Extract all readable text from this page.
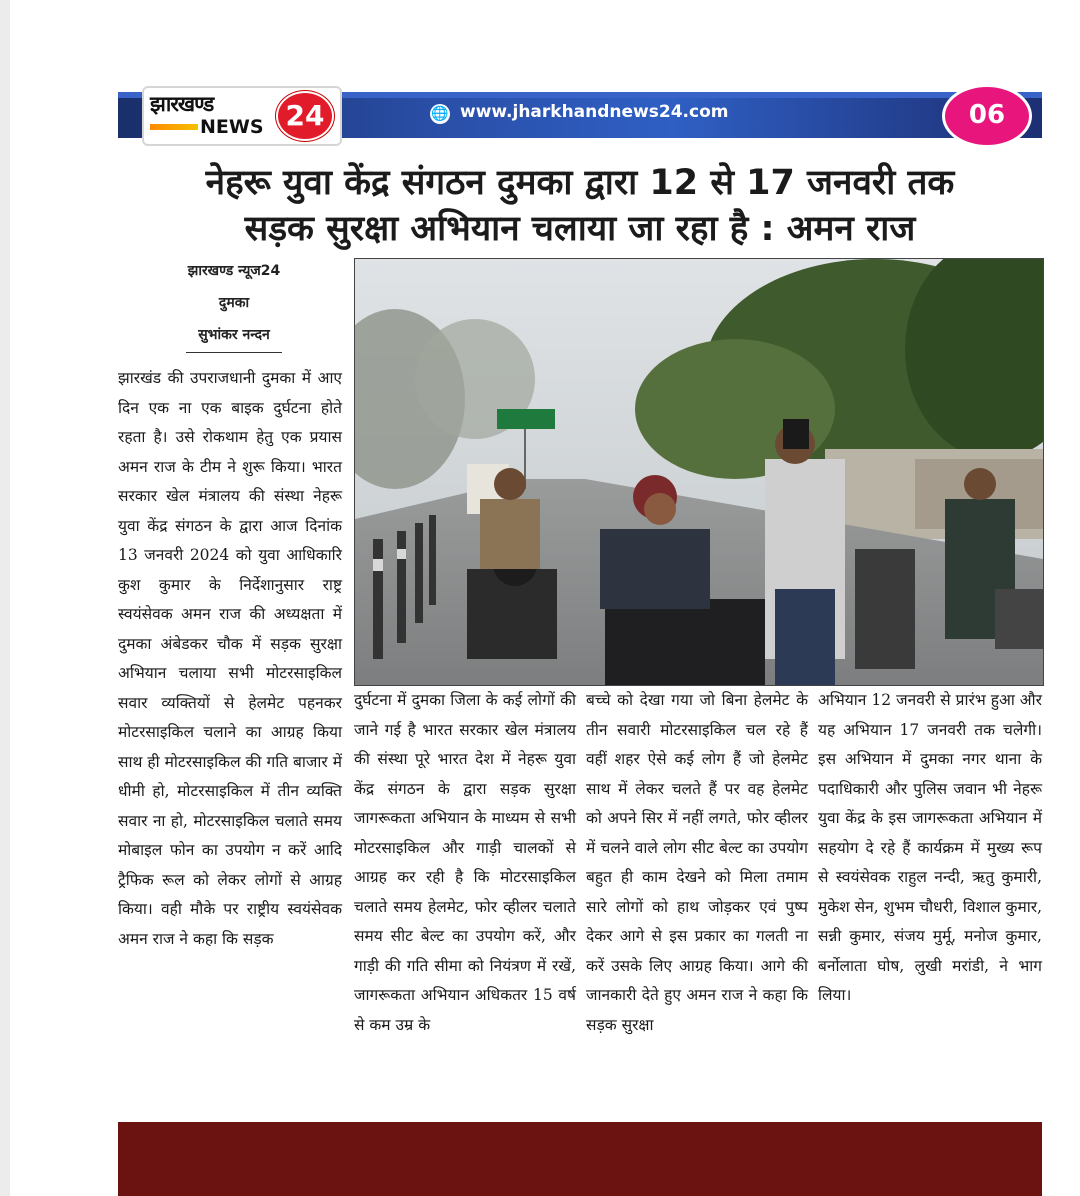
झारखण्ड
NEWS 24	🌐 www.jharkhandnews24.com	06
नेहरू युवा केंद्र संगठन दुमका द्वारा 12 से 17 जनवरी तक
सड़क सुरक्षा अभियान चलाया जा रहा है : अमन राज
झारखण्ड न्यूज24
दुमका
सुभांकर नन्दन
झारखंड की उपराजधानी दुमका में आए दिन एक ना एक बाइक दुर्घटना होते रहता है। उसे रोकथाम हेतु एक प्रयास अमन राज के टीम ने शुरू किया। भारत सरकार खेल मंत्रालय की संस्था नेहरू युवा केंद्र संगठन के द्वारा आज दिनांक 13 जनवरी 2024 को युवा आधिकारि कुश कुमार के निर्देशानुसार राष्ट्र स्वयंसेवक अमन राज की अध्यक्षता में दुमका अंबेडकर चौक में सड़क सुरक्षा अभियान चलाया सभी मोटरसाइकिल सवार व्यक्तियों से हेलमेट पहनकर मोटरसाइकिल चलाने का आग्रह किया साथ ही मोटरसाइकिल की गति बाजार में धीमी हो, मोटरसाइकिल में तीन व्यक्ति सवार ना हो, मोटरसाइकिल चलाते समय मोबाइल फोन का उपयोग न करें आदि ट्रैफिक रूल को लेकर लोगों से आग्रह किया। वही मौके पर राष्ट्रीय स्वयंसेवक अमन राज ने कहा कि सड़क
दुर्घटना में दुमका जिला के कई लोगों की जाने गई है भारत सरकार खेल मंत्रालय की संस्था पूरे भारत देश में नेहरू युवा केंद्र संगठन के द्वारा सड़क सुरक्षा जागरूकता अभियान के माध्यम से सभी मोटरसाइकिल और गाड़ी चालकों से आग्रह कर रही है कि मोटरसाइकिल चलाते समय हेलमेट, फोर व्हीलर चलाते समय सीट बेल्ट का उपयोग करें, और गाड़ी की गति सीमा को नियंत्रण में रखें, जागरूकता अभियान अधिकतर 15 वर्ष से कम उम्र के
बच्चे को देखा गया जो बिना हेलमेट के तीन सवारी मोटरसाइकिल चल रहे हैं वहीं शहर ऐसे कई लोग हैं जो हेलमेट साथ में लेकर चलते हैं पर वह हेलमेट को अपने सिर में नहीं लगते, फोर व्हीलर में चलने वाले लोग सीट बेल्ट का उपयोग बहुत ही काम देखने को मिला तमाम सारे लोगों को हाथ जोड़कर एवं पुष्प देकर आगे से इस प्रकार का गलती ना करें उसके लिए आग्रह किया। आगे की जानकारी देते हुए अमन राज ने कहा कि सड़क सुरक्षा
अभियान 12 जनवरी से प्रारंभ हुआ और यह अभियान 17 जनवरी तक चलेगी। इस अभियान में दुमका नगर थाना के पदाधिकारी और पुलिस जवान भी नेहरू युवा केंद्र के इस जागरूकता अभियान में सहयोग दे रहे हैं कार्यक्रम में मुख्य रूप से स्वयंसेवक राहुल नन्दी, ऋतु कुमारी, मुकेश सेन, शुभम चौधरी, विशाल कुमार, सन्नी कुमार, संजय मुर्मू, मनोज कुमार, बर्नोलाता घोष, लुखी मरांडी, ने भाग लिया।
